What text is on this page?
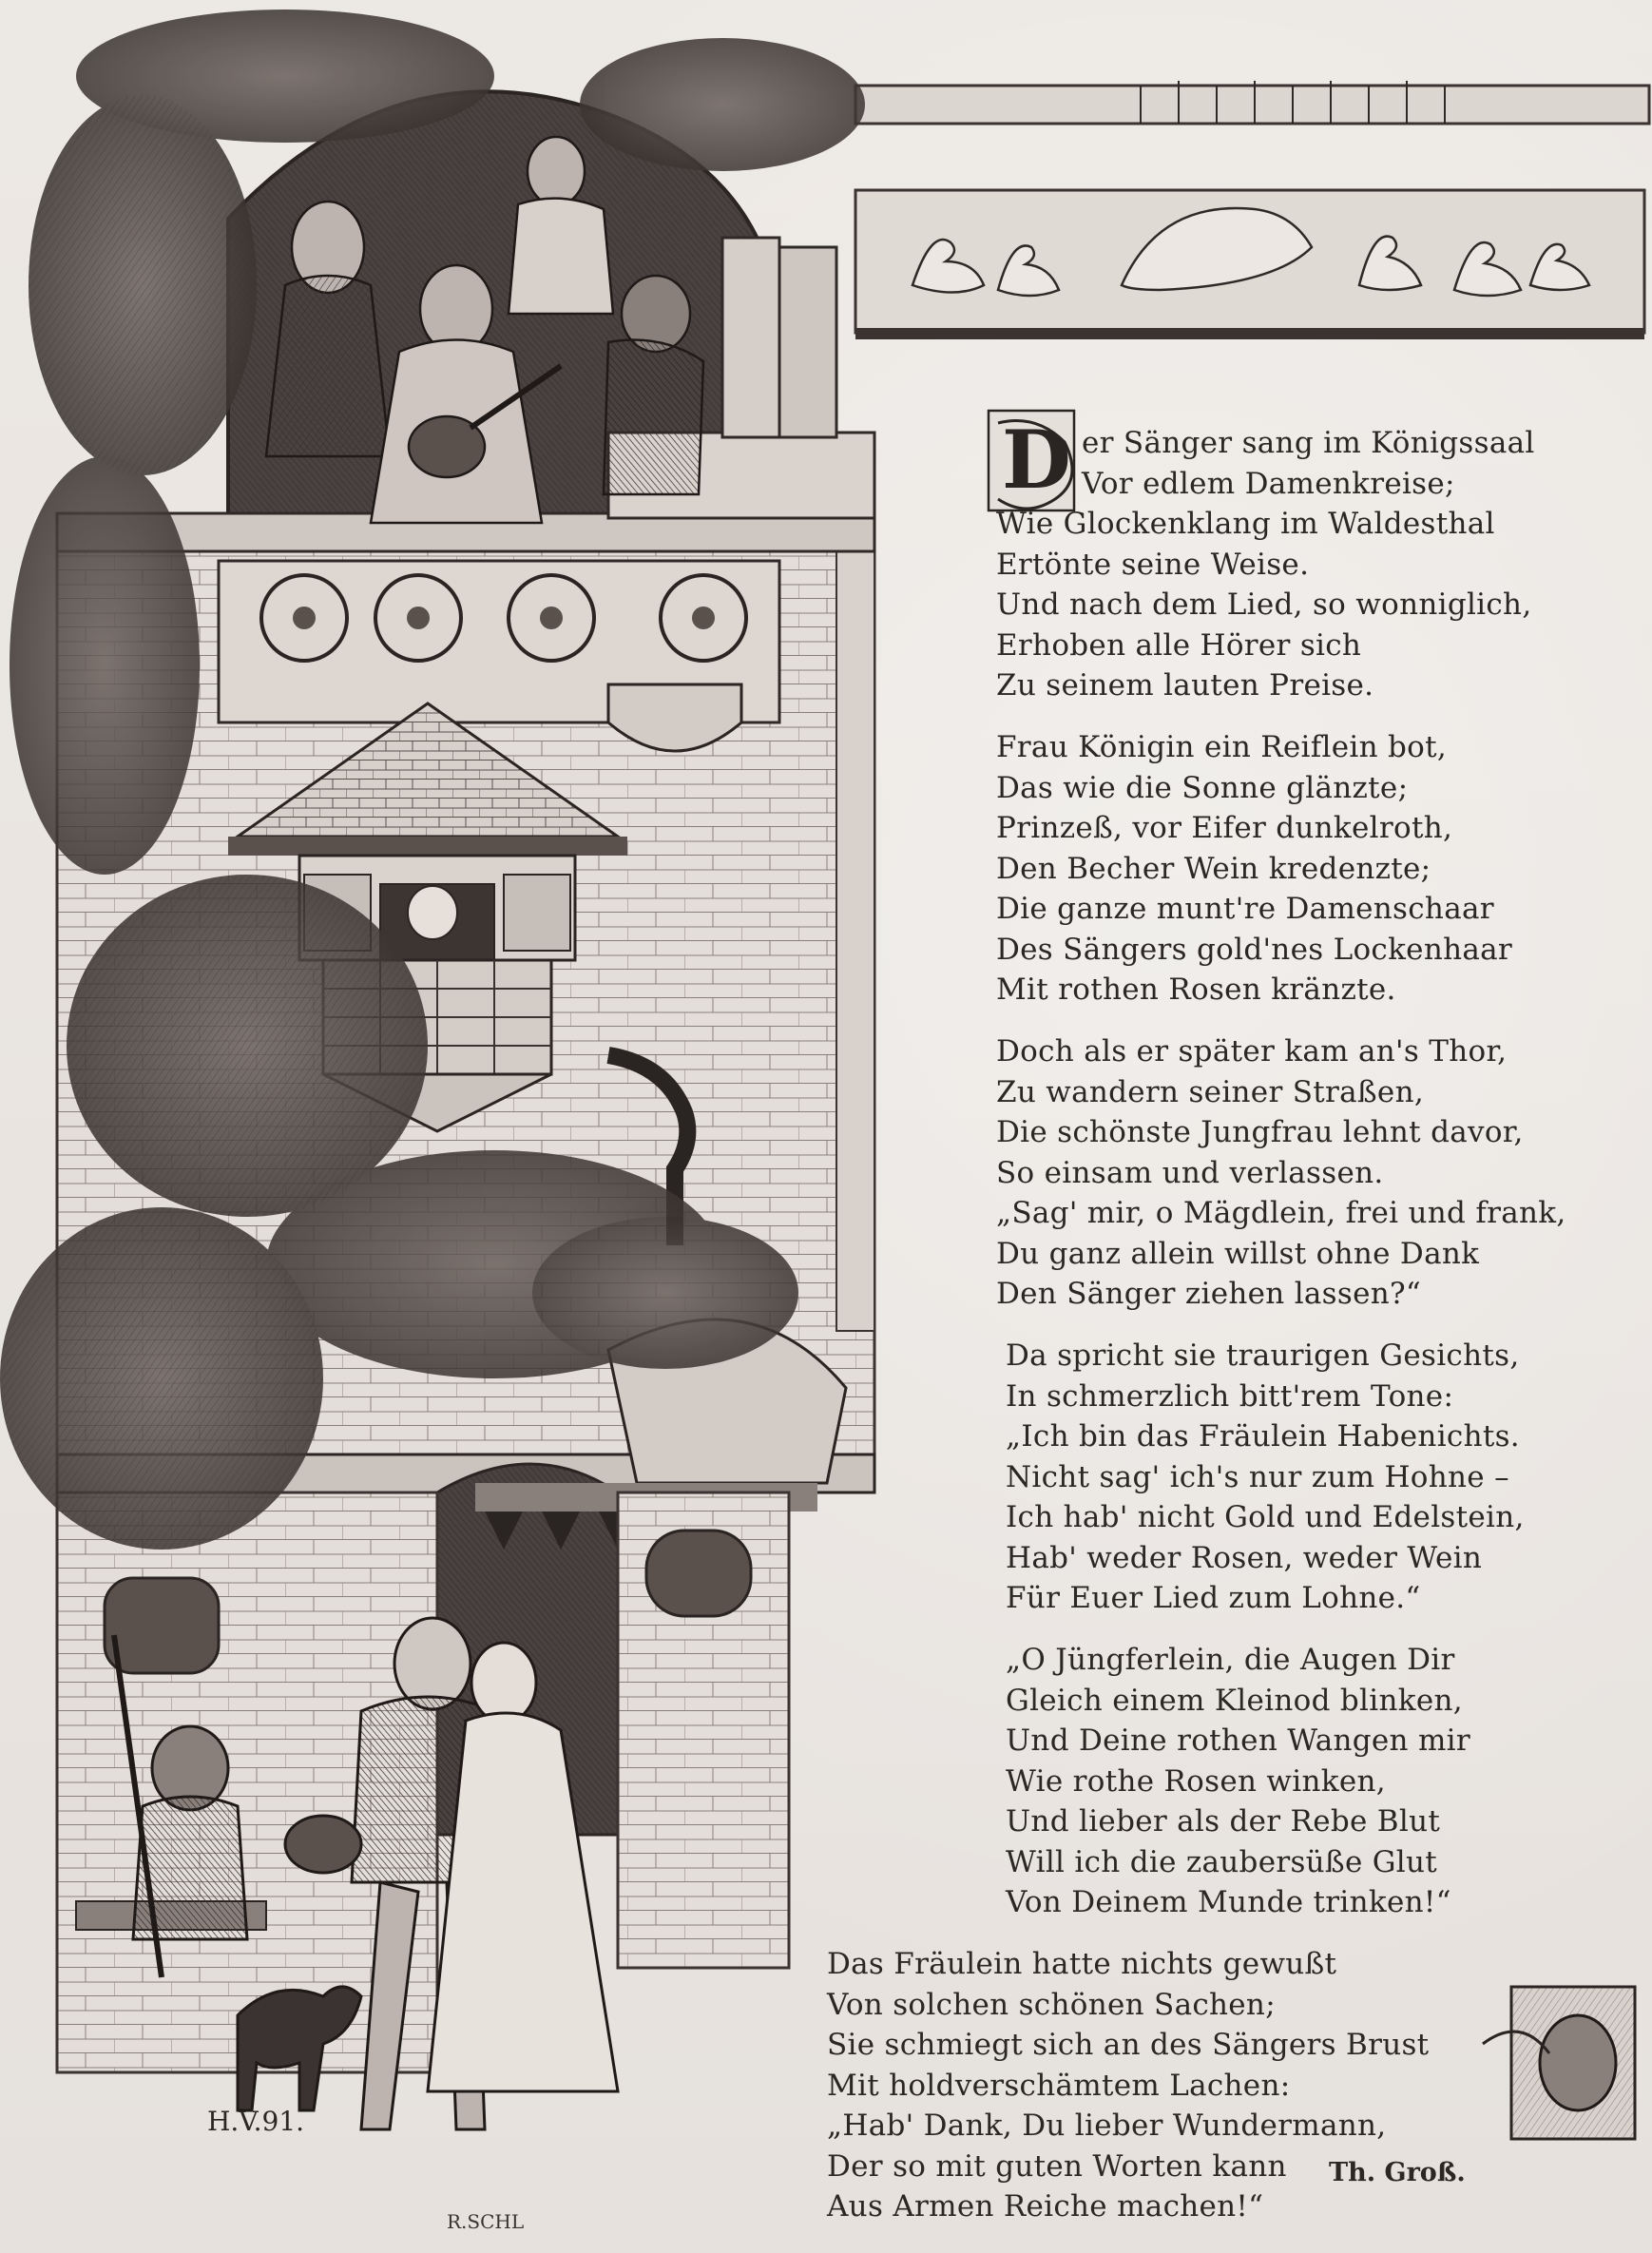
D er Sänger sang im Königssaal
Vor edlem Damenkreise;
Wie Glockenklang im Waldesthal
Ertönte seine Weise.
Und nach dem Lied, so wonniglich,
Erhoben alle Hörer sich
Zu seinem lauten Preise.
Frau Königin ein Reiflein bot,
Das wie die Sonne glänzte;
Prinzeß, vor Eifer dunkelroth,
Den Becher Wein kredenzte;
Die ganze munt're Damenschaar
Des Sängers gold'nes Lockenhaar
Mit rothen Rosen kränzte.
Doch als er später kam an's Thor,
Zu wandern seiner Straßen,
Die schönste Jungfrau lehnt davor,
So einsam und verlassen.
„Sag' mir, o Mägdlein, frei und frank,
Du ganz allein willst ohne Dank
Den Sänger ziehen lassen?“
Da spricht sie traurigen Gesichts,
In schmerzlich bitt'rem Tone:
„Ich bin das Fräulein Habenichts.
Nicht sag' ich's nur zum Hohne –
Ich hab' nicht Gold und Edelstein,
Hab' weder Rosen, weder Wein
Für Euer Lied zum Lohne.“
„O Jüngferlein, die Augen Dir
Gleich einem Kleinod blinken,
Und Deine rothen Wangen mir
Wie rothe Rosen winken,
Und lieber als der Rebe Blut
Will ich die zaubersüße Glut
Von Deinem Munde trinken!“
Das Fräulein hatte nichts gewußt
Von solchen schönen Sachen;
Sie schmiegt sich an des Sängers Brust
Mit holdverschämtem Lachen:
„Hab' Dank, Du lieber Wundermann,
Der so mit guten Worten kann
Aus Armen Reiche machen!“
Th. Groß.
H.V.91.
R.SCHL
